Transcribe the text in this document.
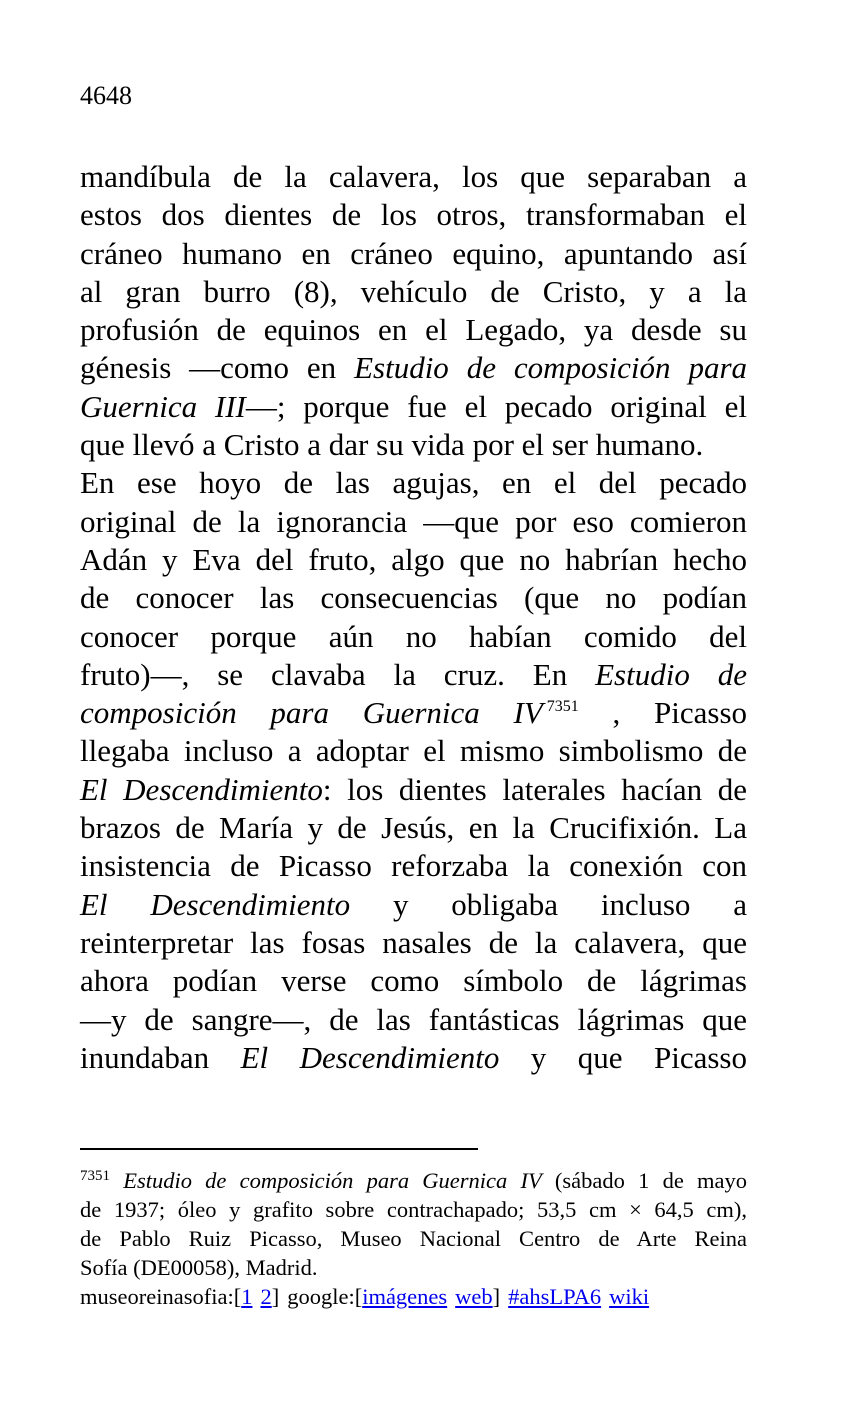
4648
mandíbula de la calavera, los que separaban a
estos dos dientes de los otros, transformaban el
cráneo humano en cráneo equino, apuntando así
al gran burro (8), vehículo de Cristo, y a la
profusión de equinos en el Legado, ya desde su
génesis —como en Estudio de composición para
Guernica III—; porque fue el pecado original el
que llevó a Cristo a dar su vida por el ser humano.
En ese hoyo de las agujas, en el del pecado
original de la ignorancia —que por eso comieron
Adán y Eva del fruto, algo que no habrían hecho
de conocer las consecuencias (que no podían
conocer porque aún no habían comido del
fruto)—, se clavaba la cruz. En Estudio de
composición para Guernica IV $^{7351}$ , Picasso
llegaba incluso a adoptar el mismo simbolismo de
El Descendimiento: los dientes laterales hacían de
brazos de María y de Jesús, en la Crucifixión. La
insistencia de Picasso reforzaba la conexión con
El Descendimiento y obligaba incluso a
reinterpretar las fosas nasales de la calavera, que
ahora podían verse como símbolo de lágrimas
—y de sangre—, de las fantásticas lágrimas que
inundaban El Descendimiento y que Picasso
$^{7351}$ Estudio de composición para Guernica IV (sábado 1 de mayo
de 1937; óleo y grafito sobre contrachapado; 53,5 cm × 64,5 cm),
de Pablo Ruiz Picasso, Museo Nacional Centro de Arte Reina
Sofía (DE00058), Madrid.
museoreinasofia:[1 2] google:[imágenes web] #ahsLPA6 wiki
